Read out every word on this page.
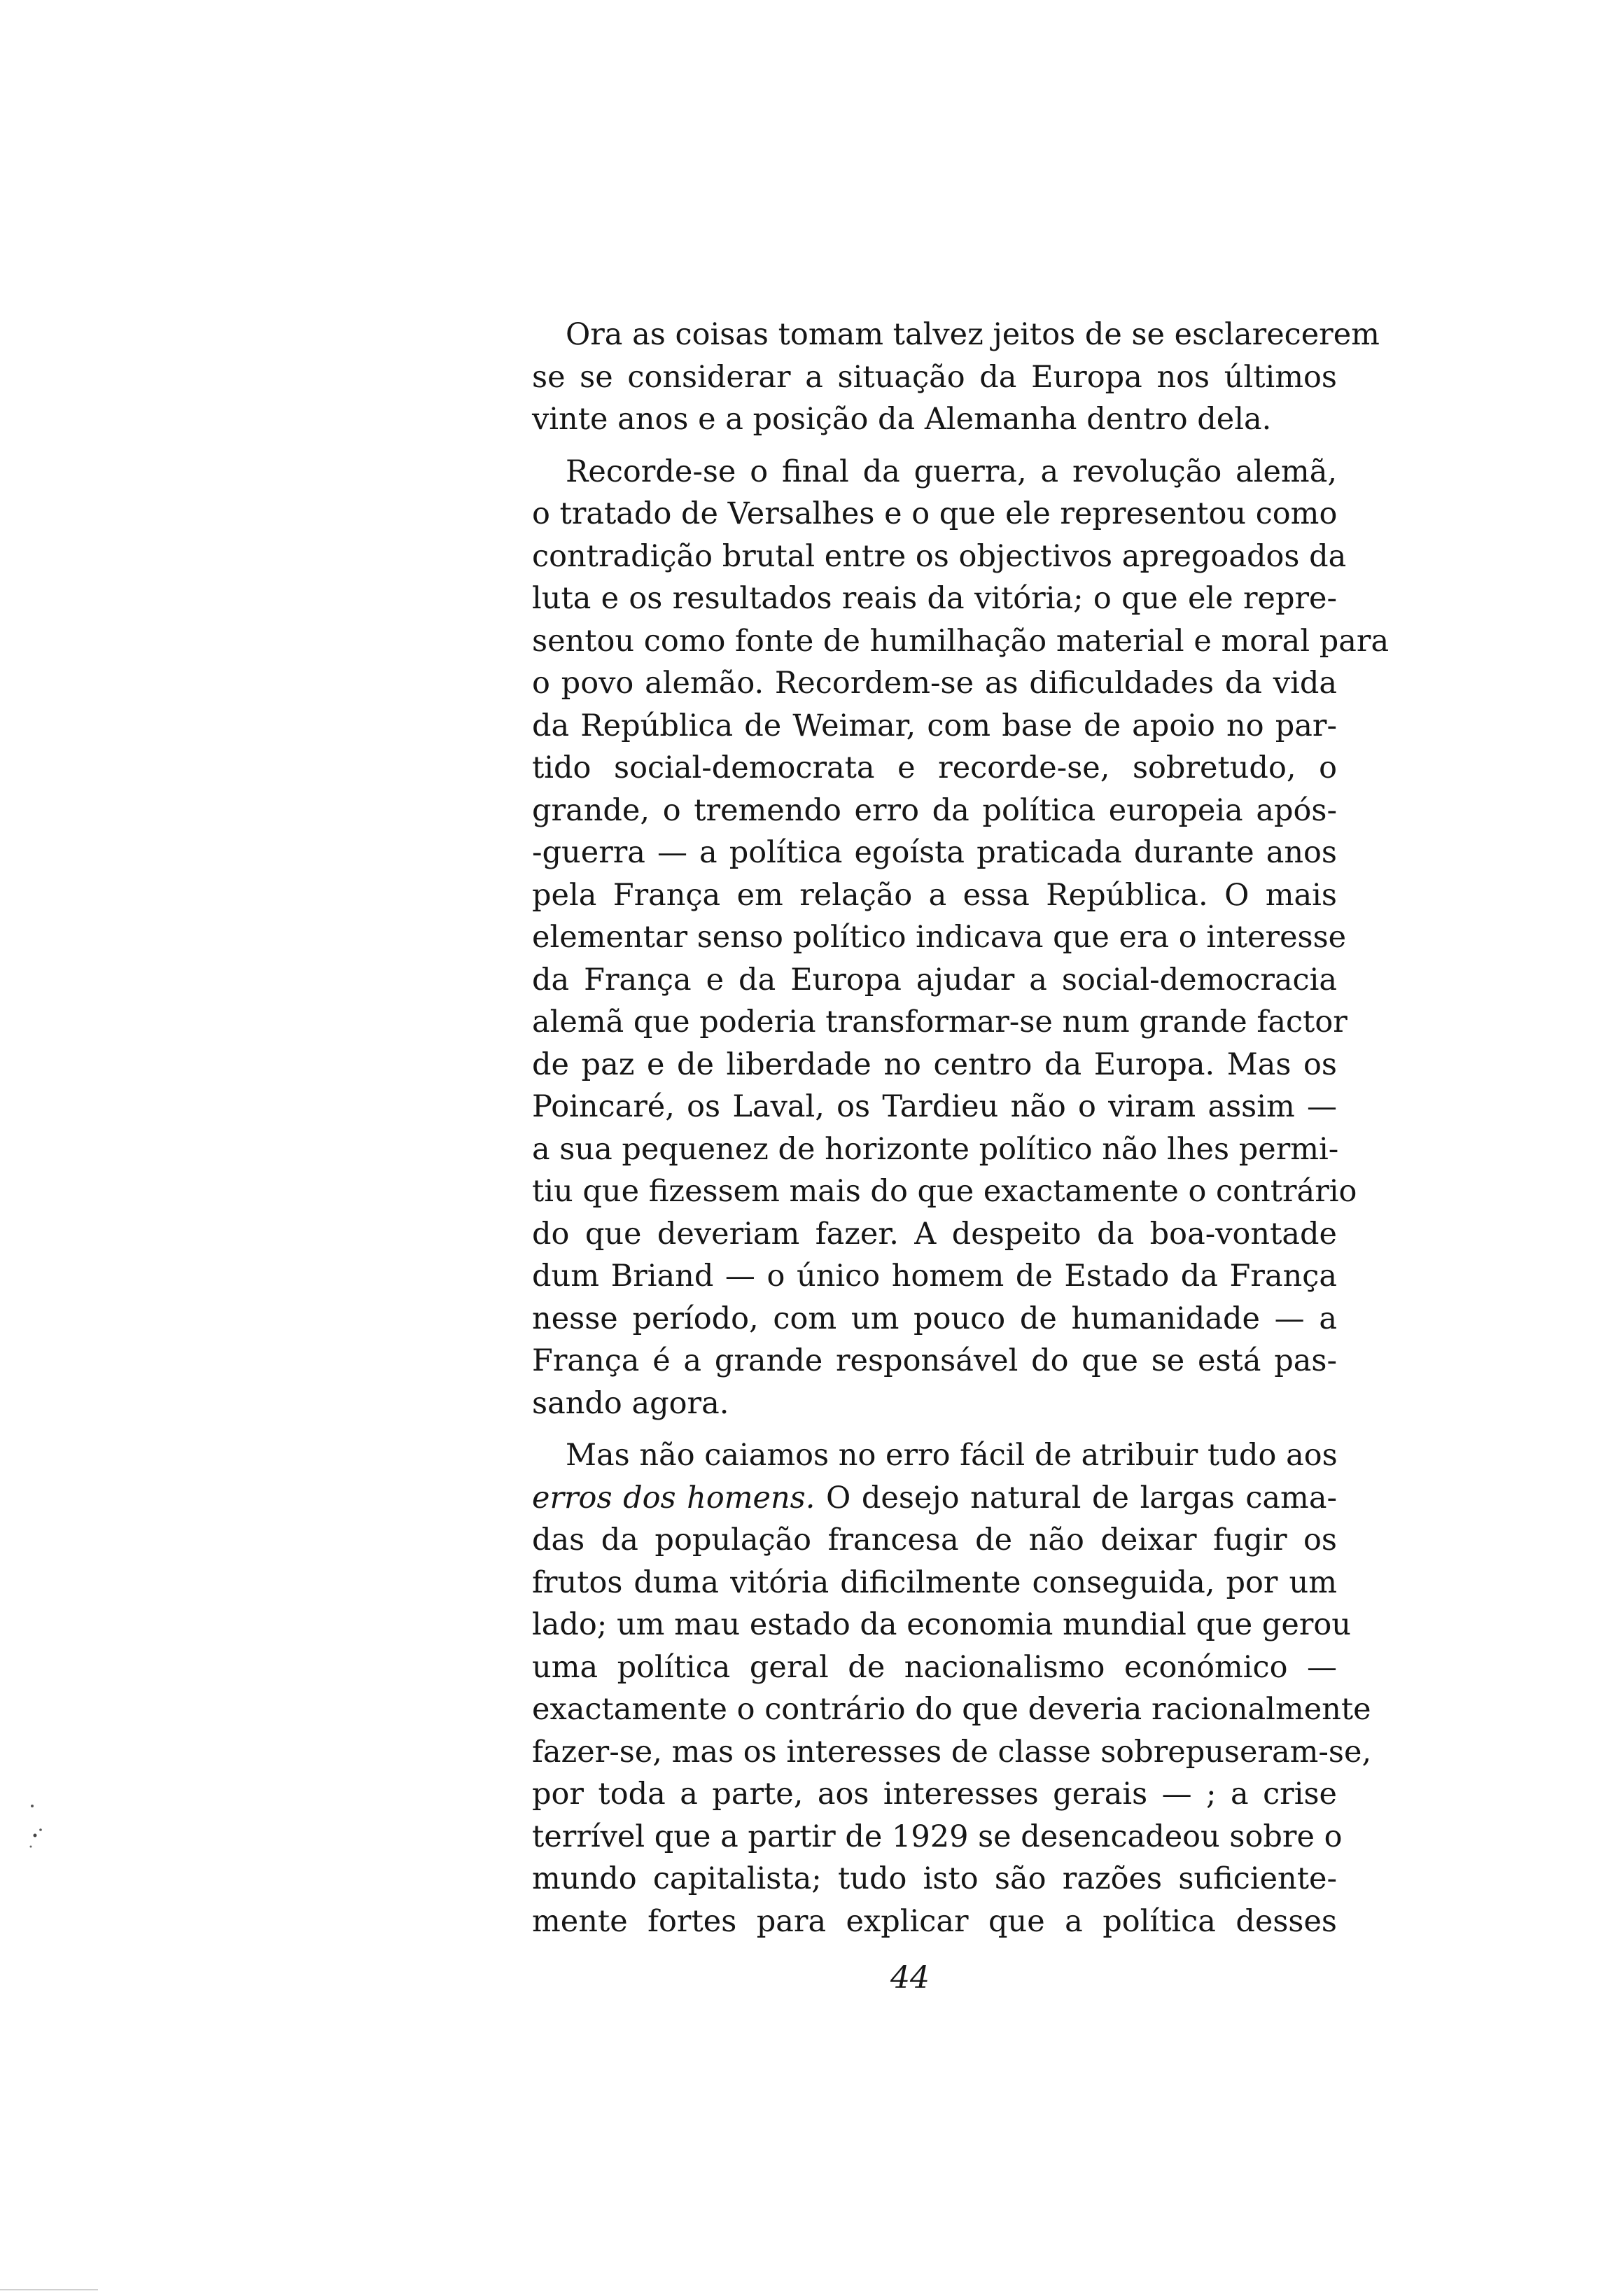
Ora as coisas tomam talvez jeitos de se esclarecerem
se se considerar a situação da Europa nos últimos
vinte anos e a posição da Alemanha dentro dela.

Recorde-se o final da guerra, a revolução alemã,
o tratado de Versalhes e o que ele representou como
contradição brutal entre os objectivos apregoados da
luta e os resultados reais da vitória; o que ele repre-
sentou como fonte de humilhação material e moral para
o povo alemão. Recordem-se as dificuldades da vida
da República de Weimar, com base de apoio no par-
tido social-democrata e recorde-se, sobretudo, o
grande, o tremendo erro da política europeia após-
-guerra — a política egoísta praticada durante anos
pela França em relação a essa República. O mais
elementar senso político indicava que era o interesse
da França e da Europa ajudar a social-democracia
alemã que poderia transformar-se num grande factor
de paz e de liberdade no centro da Europa. Mas os
Poincaré, os Laval, os Tardieu não o viram assim —
a sua pequenez de horizonte político não lhes permi-
tiu que fizessem mais do que exactamente o contrário
do que deveriam fazer. A despeito da boa-vontade
dum Briand — o único homem de Estado da França
nesse período, com um pouco de humanidade — a
França é a grande responsável do que se está pas-
sando agora.

Mas não caiamos no erro fácil de atribuir tudo aos
erros dos homens. O desejo natural de largas cama-
das da população francesa de não deixar fugir os
frutos duma vitória dificilmente conseguida, por um
lado; um mau estado da economia mundial que gerou
uma política geral de nacionalismo económico —
exactamente o contrário do que deveria racionalmente
fazer-se, mas os interesses de classe sobrepuseram-se,
por toda a parte, aos interesses gerais — ; a crise
terrível que a partir de 1929 se desencadeou sobre o
mundo capitalista; tudo isto são razões suficiente-
mente fortes para explicar que a política desses

44
